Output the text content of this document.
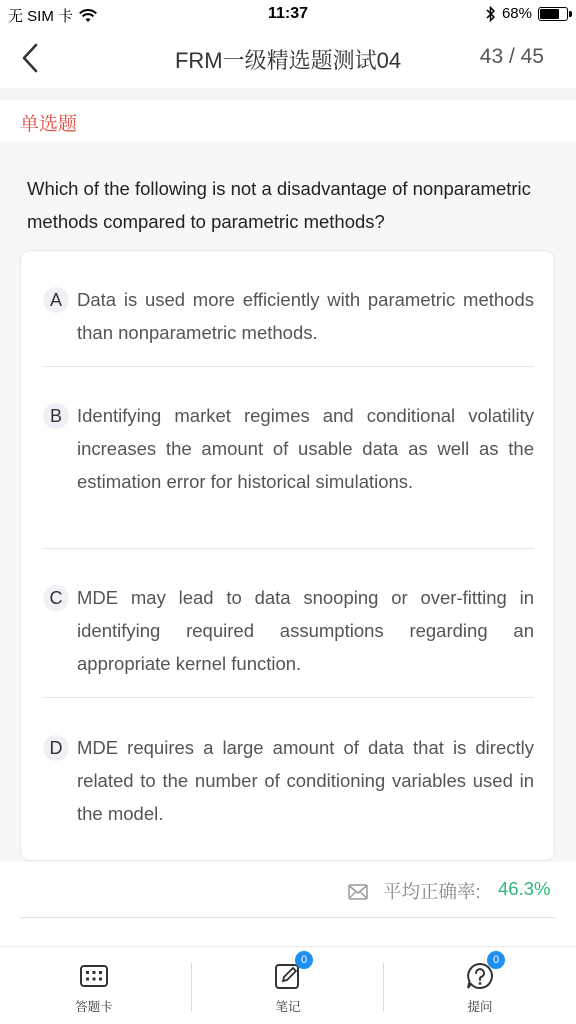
无 SIM 卡	11:37	68%
FRM一级精选题测试04	43 / 45
单选题
Which of the following is not a disadvantage of nonparametric methods compared to parametric methods?
A Data is used more efficiently with parametric methods than nonparametric methods.
B Identifying market regimes and conditional volatility increases the amount of usable data as well as the estimation error for historical simulations.
C MDE may lead to data snooping or over-fitting in identifying required assumptions regarding an appropriate kernel function.
D MDE requires a large amount of data that is directly related to the number of conditioning variables used in the model.
平均正确率: 46.3%
答题卡
0
笔记
0
提问
